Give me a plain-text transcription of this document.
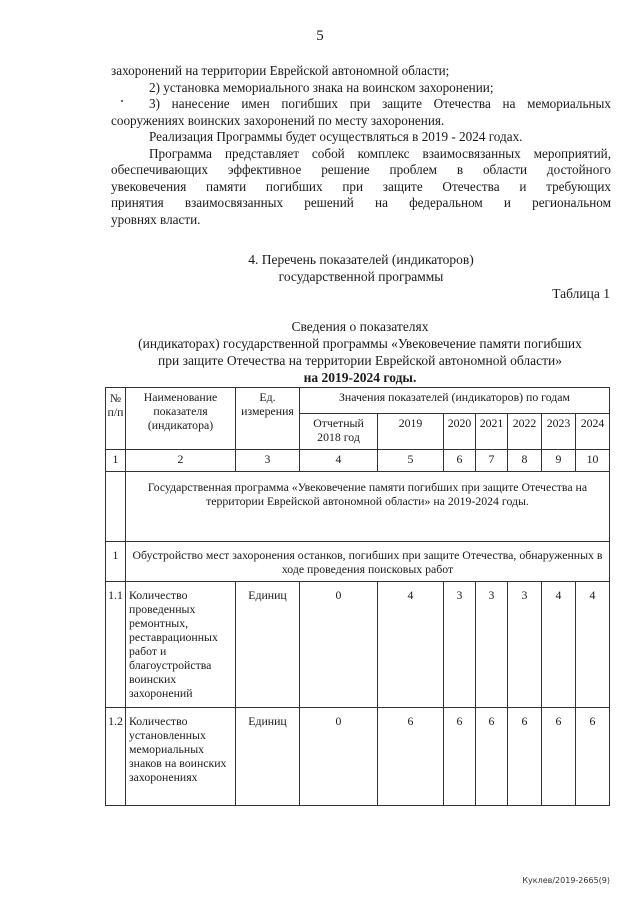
5
захоронений на территории Еврейской автономной области;
2) установка мемориального знака на воинском захоронении;
3) нанесение имен погибших при защите Отечества на мемориальных
сооружениях воинских захоронений по месту захоронения.
Реализация Программы будет осуществляться в 2019 - 2024 годах.
Программа представляет собой комплекс взаимосвязанных мероприятий,
обеспечивающих эффективное решение проблем в области достойного
увековечения памяти погибших при защите Отечества и требующих
принятия взаимосвязанных решений на федеральном и региональном
уровнях власти.
4. Перечень показателей (индикаторов)
государственной программы
Таблица 1
Сведения о показателях
(индикаторах) государственной программы «Увековечение памяти погибших
при защите Отечества на территории Еврейской автономной области»
на 2019-2024 годы.
№ п/п	Наименование показателя (индикатора)	Ед. измерения	Значения показателей (индикаторов) по годам						
			Отчетный 2018 год	2019	2020	2021	2022	2023	2024
1	2	3	4	5	6	7	8	9	10
	Государственная программа «Увековечение памяти погибших при защите Отечества на территории Еврейской автономной области» на 2019-2024 годы.								
1	Обустройство мест захоронения останков, погибших при защите Отечества, обнаруженных в ходе проведения поисковых работ								
1.1	Количество проведенных ремонтных, реставрационных работ и благоустройства воинских захоронений	Единиц	0	4	3	3	3	4	4
1.2	Количество установленных мемориальных знаков на воинских захоронениях	Единиц	0	6	6	6	6	6	6
Куклев/2019-2665(9)
